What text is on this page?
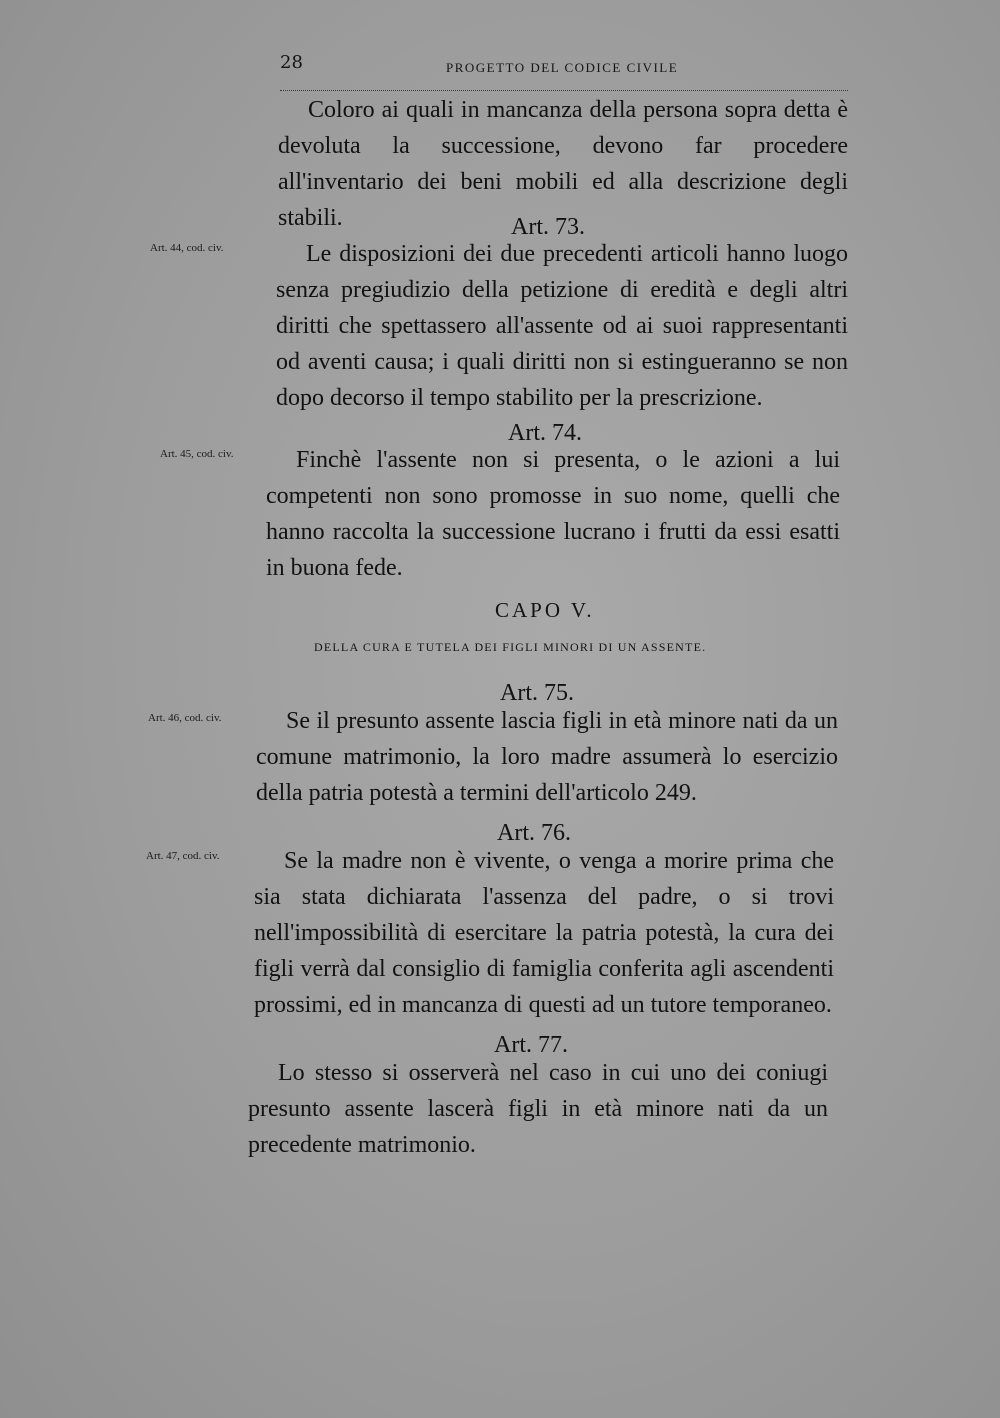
28	PROGETTO DEL CODICE CIVILE
Coloro ai quali in mancanza della persona sopra detta è devoluta la successione, devono far procedere all'inventario dei beni mobili ed alla descrizione degli stabili.	Art. 73.
Art. 44, cod. civ.	Le disposizioni dei due precedenti articoli hanno luogo senza pregiudizio della petizione di eredità e degli altri diritti che spettassero all'assente od ai suoi rappresentanti od aventi causa; i quali diritti non si estingueranno se non dopo decorso il tempo stabilito per la prescrizione.
Art. 74.
Art. 45, cod. civ.	Finchè l'assente non si presenta, o le azioni a lui competenti non sono promosse in suo nome, quelli che hanno raccolta la successione lucrano i frutti da essi esatti in buona fede.
CAPO V.
DELLA CURA E TUTELA DEI FIGLI MINORI DI UN ASSENTE.
Art. 75.
Art. 46, cod. civ.	Se il presunto assente lascia figli in età minore nati da un comune matrimonio, la loro madre assumerà lo esercizio della patria potestà a termini dell'articolo 249.
Art. 76.
Art. 47, cod. civ.	Se la madre non è vivente, o venga a morire prima che sia stata dichiarata l'assenza del padre, o si trovi nell'impossibilità di esercitare la patria potestà, la cura dei figli verrà dal consiglio di famiglia conferita agli ascendenti prossimi, ed in mancanza di questi ad un tutore temporaneo.
Art. 77.
Lo stesso si osserverà nel caso in cui uno dei coniugi presunto assente lascerà figli in età minore nati da un precedente matrimonio.
